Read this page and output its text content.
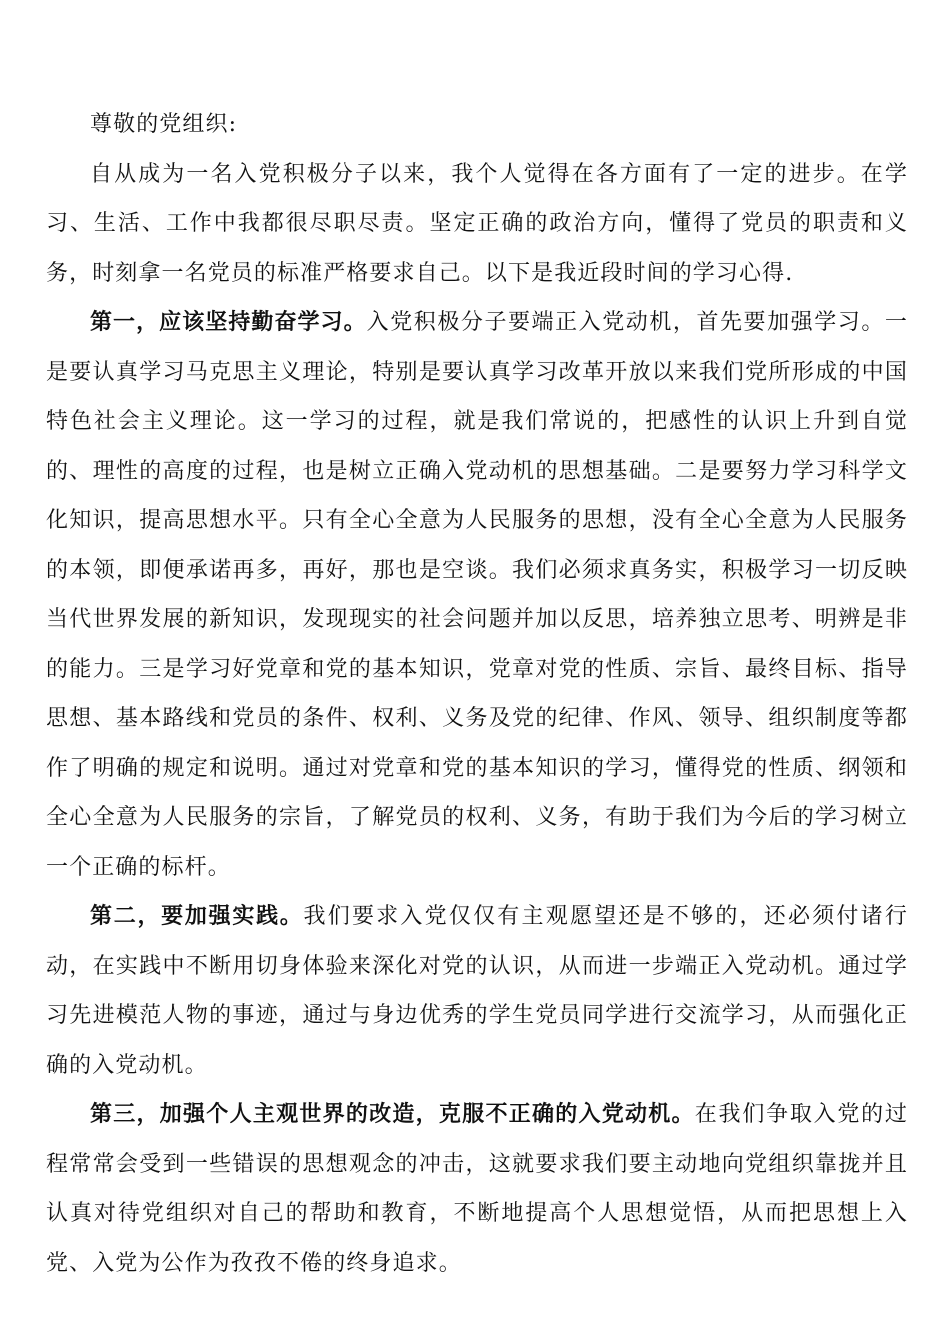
尊敬的党组织:

自从成为一名入党积极分子以来，我个人觉得在各方面有了一定的进步。在学习、生活、工作中我都很尽职尽责。坚定正确的政治方向，懂得了党员的职责和义务，时刻拿一名党员的标准严格要求自己。以下是我近段时间的学习心得.

第一，应该坚持勤奋学习。入党积极分子要端正入党动机，首先要加强学习。一是要认真学习马克思主义理论，特别是要认真学习改革开放以来我们党所形成的中国特色社会主义理论。这一学习的过程，就是我们常说的，把感性的认识上升到自觉的、理性的高度的过程，也是树立正确入党动机的思想基础。二是要努力学习科学文化知识，提高思想水平。只有全心全意为人民服务的思想，没有全心全意为人民服务的本领，即便承诺再多，再好，那也是空谈。我们必须求真务实，积极学习一切反映当代世界发展的新知识，发现现实的社会问题并加以反思，培养独立思考、明辨是非的能力。三是学习好党章和党的基本知识，党章对党的性质、宗旨、最终目标、指导思想、基本路线和党员的条件、权利、义务及党的纪律、作风、领导、组织制度等都作了明确的规定和说明。通过对党章和党的基本知识的学习，懂得党的性质、纲领和全心全意为人民服务的宗旨，了解党员的权利、义务，有助于我们为今后的学习树立一个正确的标杆。

第二，要加强实践。我们要求入党仅仅有主观愿望还是不够的，还必须付诸行动，在实践中不断用切身体验来深化对党的认识，从而进一步端正入党动机。通过学习先进模范人物的事迹，通过与身边优秀的学生党员同学进行交流学习，从而强化正确的入党动机。

第三，加强个人主观世界的改造，克服不正确的入党动机。在我们争取入党的过程常常会受到一些错误的思想观念的冲击，这就要求我们要主动地向党组织靠拢并且认真对待党组织对自己的帮助和教育，不断地提高个人思想觉悟，从而把思想上入党、入党为公作为孜孜不倦的终身追求。
